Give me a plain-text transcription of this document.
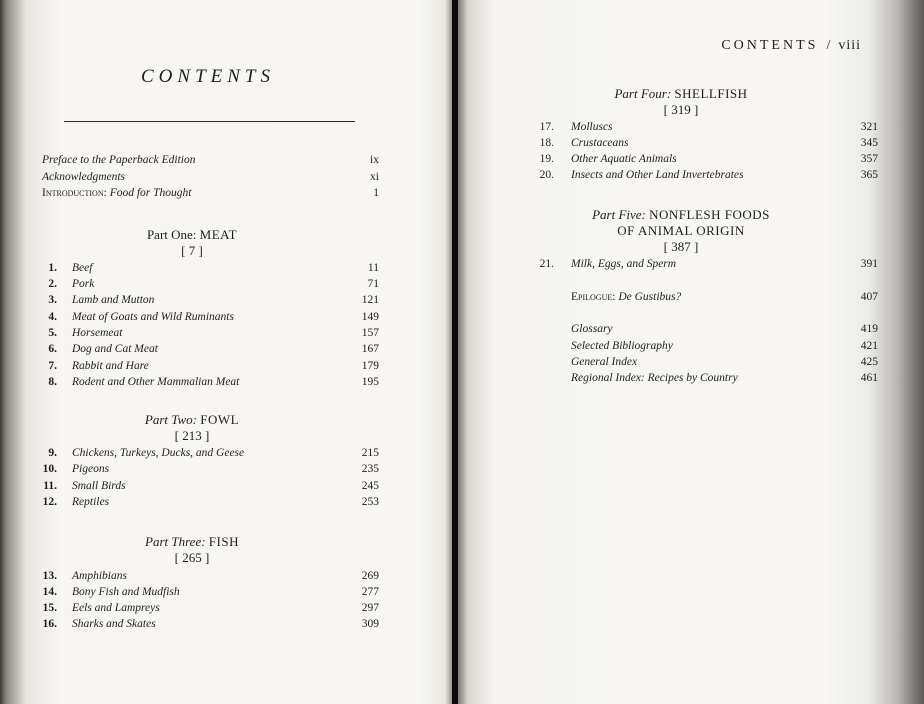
CONTENTS
Preface to the Paperback Edition	ix
Acknowledgments	xi
Introduction: Food for Thought	1
Part One: MEAT
[ 7 ]
1. Beef	11
2. Pork	71
3. Lamb and Mutton	121
4. Meat of Goats and Wild Ruminants	149
5. Horsemeat	157
6. Dog and Cat Meat	167
7. Rabbit and Hare	179
8. Rodent and Other Mammalian Meat	195
Part Two: FOWL
[ 213 ]
9. Chickens, Turkeys, Ducks, and Geese	215
10. Pigeons	235
11. Small Birds	245
12. Reptiles	253
Part Three: FISH
[ 265 ]
13. Amphibians	269
14. Bony Fish and Mudfish	277
15. Eels and Lampreys	297
16. Sharks and Skates	309
CONTENTS / viii
Part Four: SHELLFISH
[ 319 ]
17. Molluscs	321
18. Crustaceans	345
19. Other Aquatic Animals	357
20. Insects and Other Land Invertebrates	365
Part Five: NONFLESH FOODS
OF ANIMAL ORIGIN
[ 387 ]
21. Milk, Eggs, and Sperm	391
Epilogue: De Gustibus?	407
Glossary	419
Selected Bibliography	421
General Index	425
Regional Index: Recipes by Country	461
